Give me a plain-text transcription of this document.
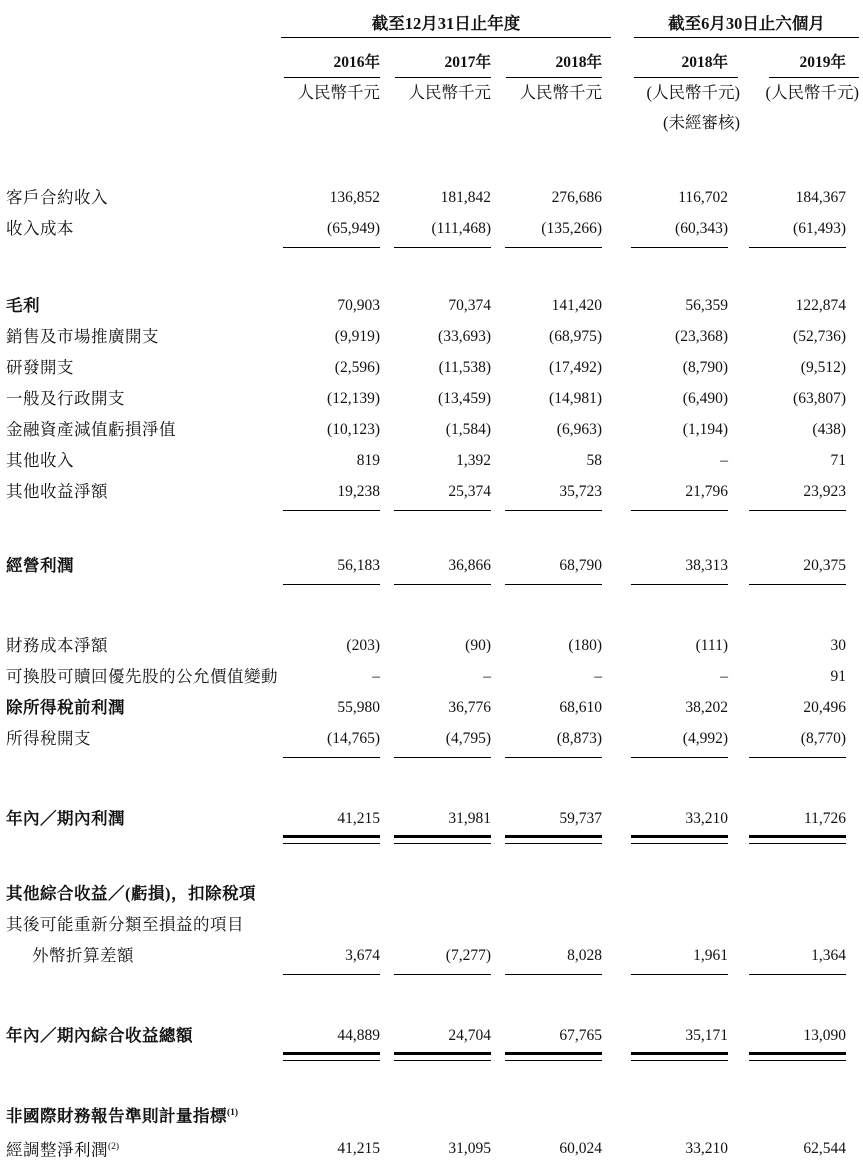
	截至12月31日止年度			截至6月30日止六個月	

	2016年	2017年	2018年	2018年	2019年

	人民幣千元	人民幣千元	人民幣千元	(人民幣千元)	(人民幣千元)
				(未經審核)	

客戶合約收入	136,852	181,842	276,686	116,702	184,367
收入成本	(65,949)	(111,468)	(135,266)	(60,343)	(61,493)

毛利	70,903	70,374	141,420	56,359	122,874
銷售及市場推廣開支	(9,919)	(33,693)	(68,975)	(23,368)	(52,736)
研發開支	(2,596)	(11,538)	(17,492)	(8,790)	(9,512)
一般及行政開支	(12,139)	(13,459)	(14,981)	(6,490)	(63,807)
金融資產減值虧損淨值	(10,123)	(1,584)	(6,963)	(1,194)	(438)
其他收入	819	1,392	58	–	71
其他收益淨額	19,238	25,374	35,723	21,796	23,923

經營利潤	56,183	36,866	68,790	38,313	20,375

財務成本淨額	(203)	(90)	(180)	(111)	30
可換股可贖回優先股的公允價值變動	–	–	–	–	91
除所得稅前利潤	55,980	36,776	68,610	38,202	20,496
所得稅開支	(14,765)	(4,795)	(8,873)	(4,992)	(8,770)

年內／期內利潤	41,215	31,981	59,737	33,210	11,726

其他綜合收益／(虧損)，扣除稅項					
其後可能重新分類至損益的項目					
外幣折算差額	3,674	(7,277)	8,028	1,961	1,364

年內／期內綜合收益總額	44,889	24,704	67,765	35,171	13,090

非國際財務報告準則計量指標$^{(1)}$					
經調整淨利潤$^{(2)}$	41,215	31,095	60,024	33,210	62,544
